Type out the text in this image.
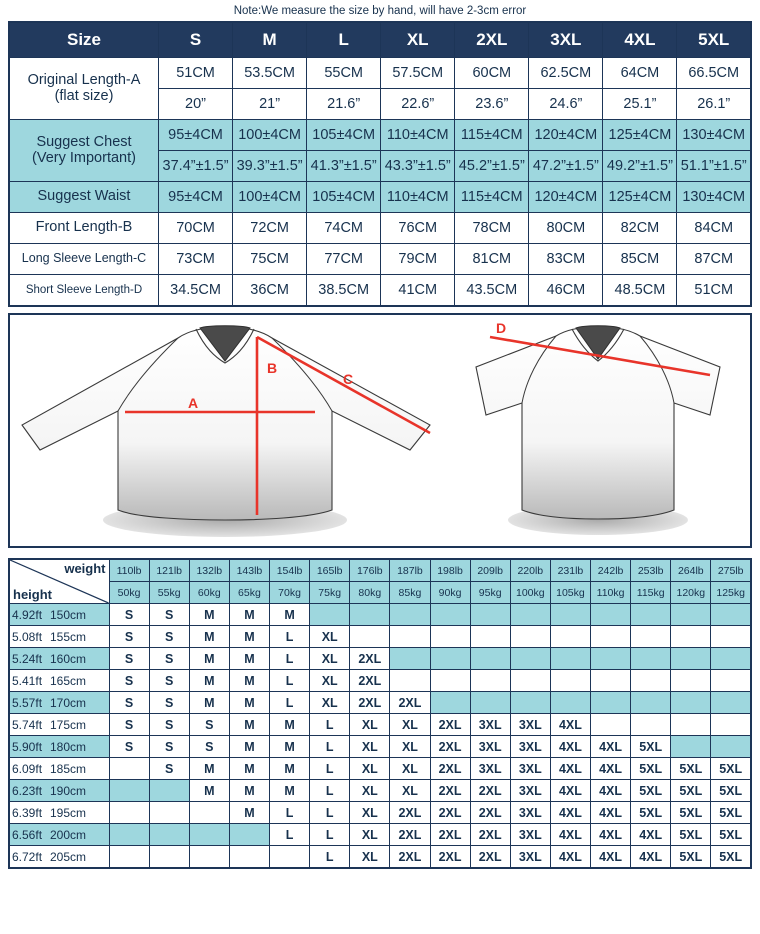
Note:We measure the size by hand, will have 2-3cm error
Size	S	M	L	XL	2XL	3XL	4XL	5XL

Original Length-A
(flat size)	51CM	53.5CM	55CM	57.5CM	60CM	62.5CM	64CM	66.5CM
	20”	21”	21.6”	22.6”	23.6”	24.6”	25.1”	26.1”

Suggest Chest
(Very Important)	95±4CM	100±4CM	105±4CM	110±4CM	115±4CM	120±4CM	125±4CM	130±4CM
	37.4”±1.5”	39.3”±1.5”	41.3”±1.5”	43.3”±1.5”	45.2”±1.5”	47.2”±1.5”	49.2”±1.5”	51.1”±1.5”
Suggest Waist	95±4CM	100±4CM	105±4CM	110±4CM	115±4CM	120±4CM	125±4CM	130±4CM
Front Length-B	70CM	72CM	74CM	76CM	78CM	80CM	82CM	84CM
Long Sleeve Length-C	73CM	75CM	77CM	79CM	81CM	83CM	85CM	87CM
Short Sleeve Length-D	34.5CM	36CM	38.5CM	41CM	43.5CM	46CM	48.5CM	51CM
A
B
C
D
weight
height	110lb	121lb	132lb	143lb	154lb	165lb	176lb	187lb	198lb	209lb	220lb	231lb	242lb	253lb	264lb	275lb
	50kg	55kg	60kg	65kg	70kg	75kg	80kg	85kg	90kg	95kg	100kg	105kg	110kg	115kg	120kg	125kg
4.92ft 150cm	S	S	M	M	M											
5.08ft 155cm	S	S	M	M	L	XL										
5.24ft 160cm	S	S	M	M	L	XL	2XL									
5.41ft 165cm	S	S	M	M	L	XL	2XL									
5.57ft 170cm	S	S	M	M	L	XL	2XL	2XL								
5.74ft 175cm	S	S	S	M	M	L	XL	XL	2XL	3XL	3XL	4XL				
5.90ft 180cm	S	S	S	M	M	L	XL	XL	2XL	3XL	3XL	4XL	4XL	5XL		
6.09ft 185cm		S	M	M	M	L	XL	XL	2XL	3XL	3XL	4XL	4XL	5XL	5XL	5XL
6.23ft 190cm			M	M	M	L	XL	XL	2XL	2XL	3XL	4XL	4XL	5XL	5XL	5XL
6.39ft 195cm				M	L	L	XL	2XL	2XL	2XL	3XL	4XL	4XL	5XL	5XL	5XL
6.56ft 200cm					L	L	XL	2XL	2XL	2XL	3XL	4XL	4XL	4XL	5XL	5XL
6.72ft 205cm						L	XL	2XL	2XL	2XL	3XL	4XL	4XL	4XL	5XL	5XL
